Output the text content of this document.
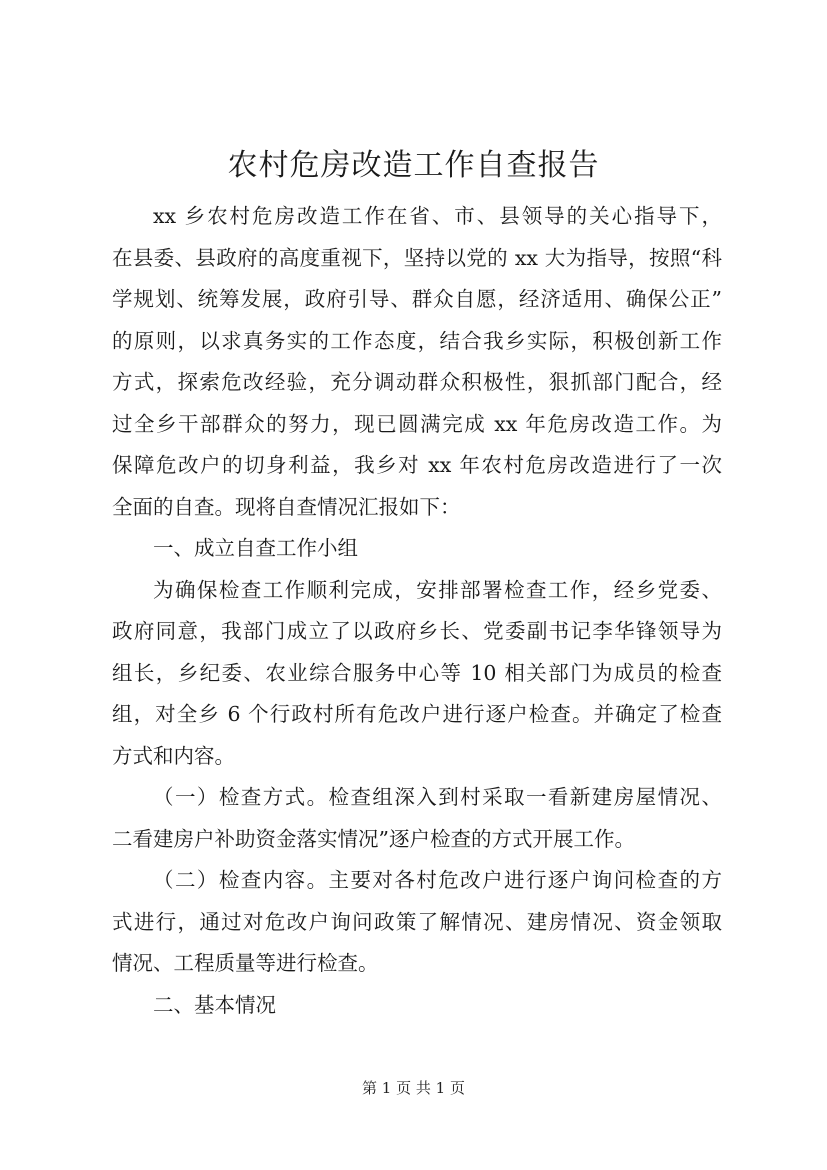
农村危房改造工作自查报告

xx 乡农村危房改造工作在省、市、县领导的关心指导下，
在县委、县政府的高度重视下，坚持以党的 xx 大为指导，按照“科
学规划、统筹发展，政府引导、群众自愿，经济适用、确保公正”
的原则，以求真务实的工作态度，结合我乡实际，积极创新工作
方式，探索危改经验，充分调动群众积极性，狠抓部门配合，经
过全乡干部群众的努力，现已圆满完成 xx 年危房改造工作。为
保障危改户的切身利益，我乡对 xx 年农村危房改造进行了一次
全面的自查。现将自查情况汇报如下：

一、成立自查工作小组

为确保检查工作顺利完成，安排部署检查工作，经乡党委、
政府同意，我部门成立了以政府乡长、党委副书记李华锋领导为
组长，乡纪委、农业综合服务中心等 10 相关部门为成员的检查
组，对全乡 6 个行政村所有危改户进行逐户检查。并确定了检查
方式和内容。

（一）检查方式。检查组深入到村采取一看新建房屋情况、
二看建房户补助资金落实情况”逐户检查的方式开展工作。

（二）检查内容。主要对各村危改户进行逐户询问检查的方
式进行，通过对危改户询问政策了解情况、建房情况、资金领取
情况、工程质量等进行检查。

二、基本情况

第 1 页 共 1 页
